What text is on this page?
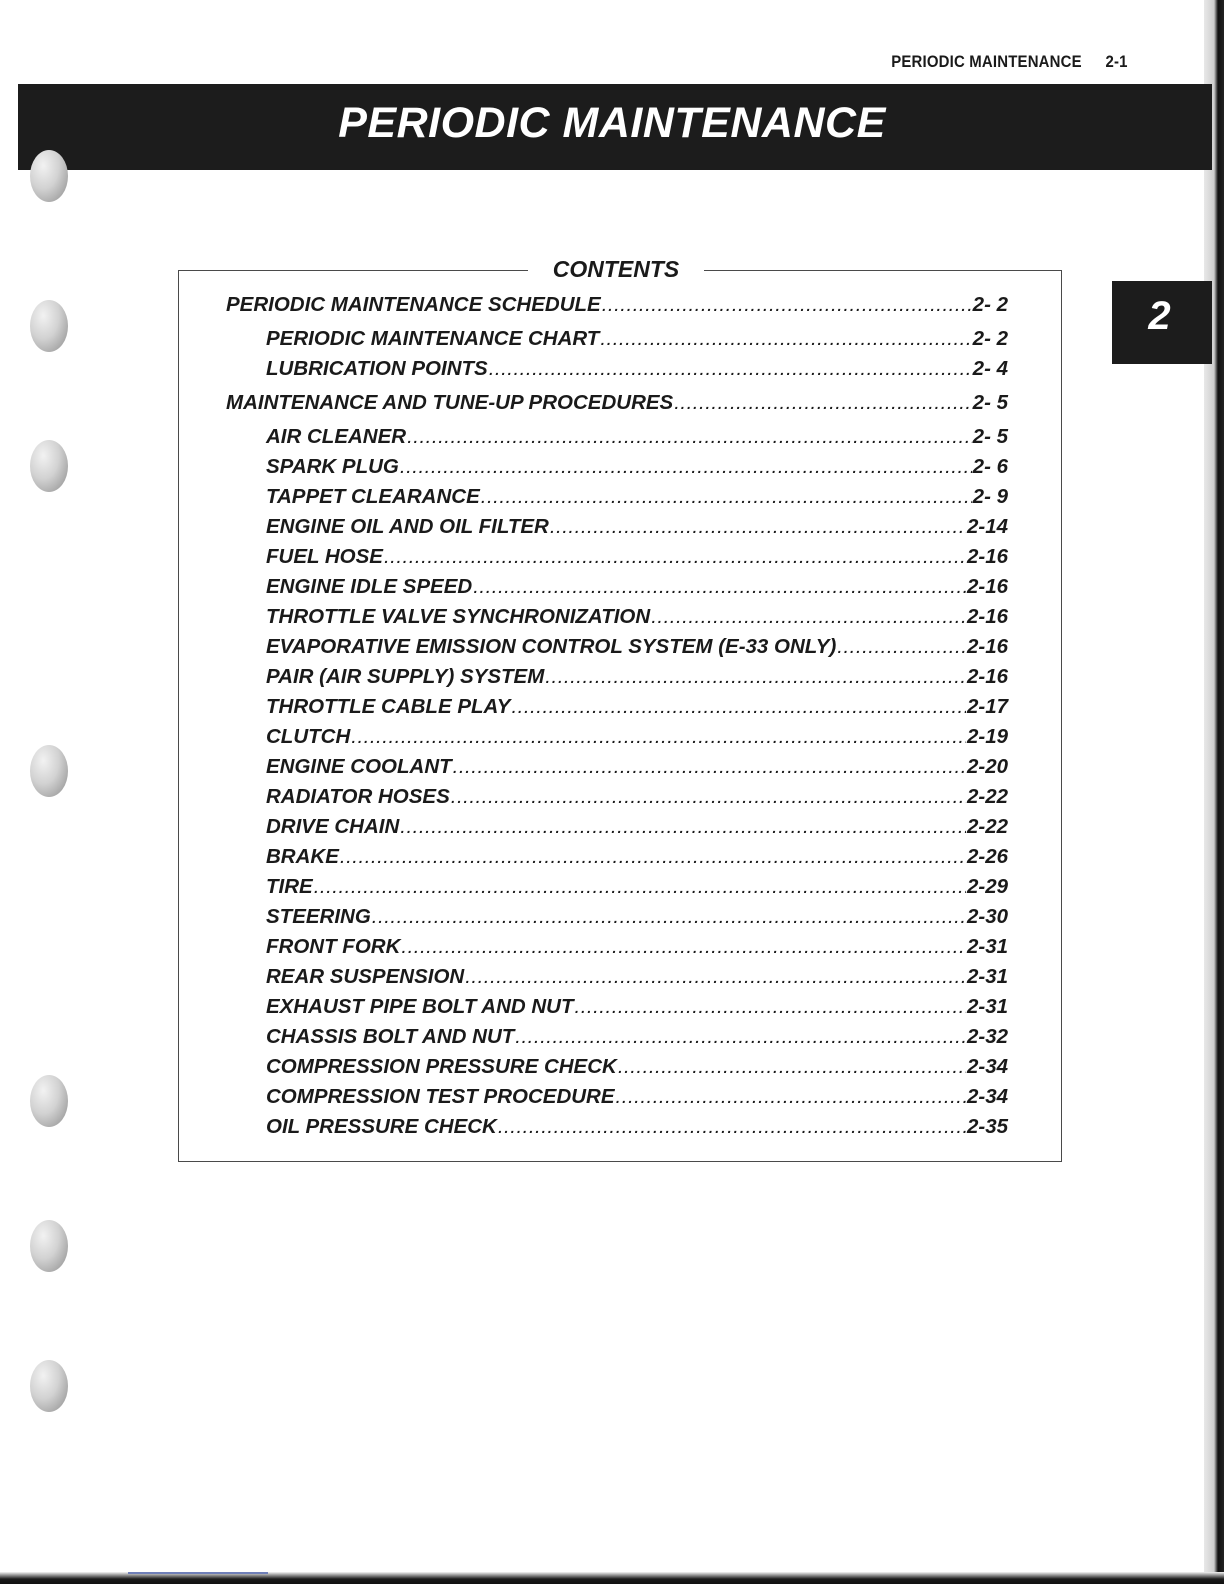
PERIODIC MAINTENANCE 2-1
PERIODIC MAINTENANCE
2
CONTENTS
PERIODIC MAINTENANCE SCHEDULE .....	2- 2
PERIODIC MAINTENANCE CHART .....	2- 2
LUBRICATION POINTS .....	2- 4
MAINTENANCE AND TUNE-UP PROCEDURES .....	2- 5
AIR CLEANER .....	2- 5
SPARK PLUG .....	2- 6
TAPPET CLEARANCE .....	2- 9
ENGINE OIL AND OIL FILTER .....	2-14
FUEL HOSE .....	2-16
ENGINE IDLE SPEED .....	2-16
THROTTLE VALVE SYNCHRONIZATION .....	2-16
EVAPORATIVE EMISSION CONTROL SYSTEM (E-33 ONLY) .....	2-16
PAIR (AIR SUPPLY) SYSTEM .....	2-16
THROTTLE CABLE PLAY .....	2-17
CLUTCH .....	2-19
ENGINE COOLANT .....	2-20
RADIATOR HOSES .....	2-22
DRIVE CHAIN .....	2-22
BRAKE .....	2-26
TIRE .....	2-29
STEERING .....	2-30
FRONT FORK .....	2-31
REAR SUSPENSION .....	2-31
EXHAUST PIPE BOLT AND NUT .....	2-31
CHASSIS BOLT AND NUT .....	2-32
COMPRESSION PRESSURE CHECK .....	2-34
COMPRESSION TEST PROCEDURE .....	2-34
OIL PRESSURE CHECK .....	2-35
